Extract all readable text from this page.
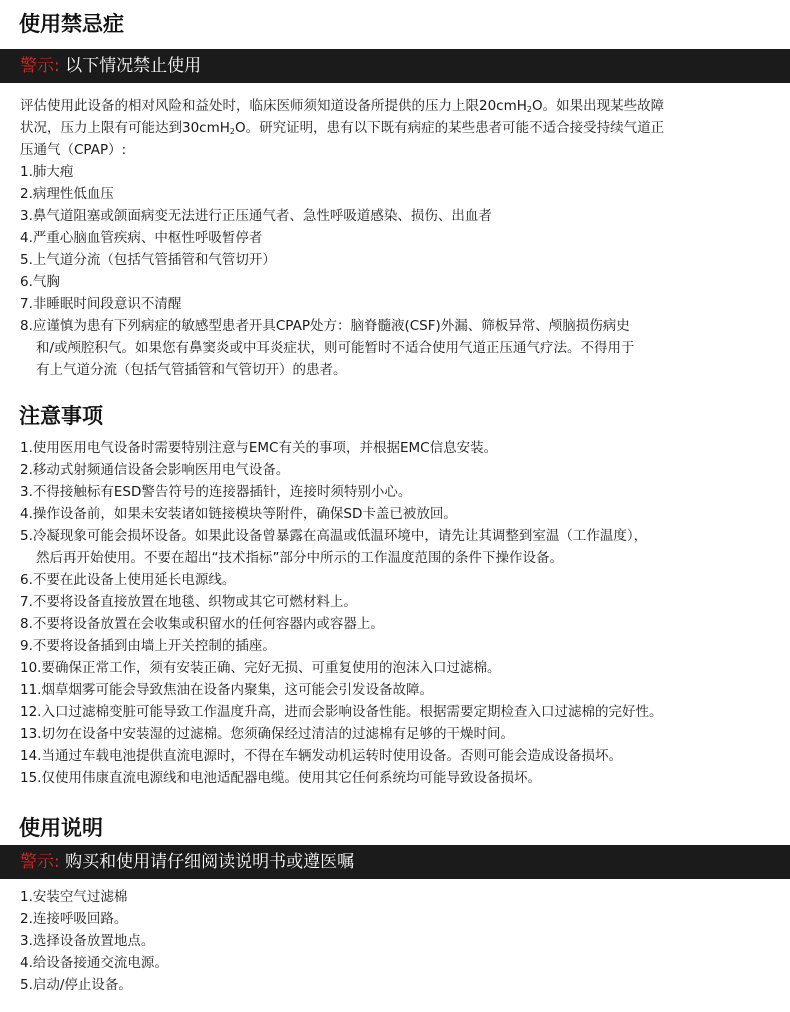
使用禁忌症
警示: 以下情况禁止使用
评估使用此设备的相对风险和益处时，临床医师须知道设备所提供的压力上限20cmH$_2$O。如果出现某些故障
状况，压力上限有可能达到30cmH$_2$O。研究证明，患有以下既有病症的某些患者可能不适合接受持续气道正
压通气（CPAP）:
1.肺大疱
2.病理性低血压
3.鼻气道阻塞或颌面病变无法进行正压通气者、急性呼吸道感染、损伤、出血者
4.严重心脑血管疾病、中枢性呼吸暂停者
5.上气道分流（包括气管插管和气管切开）
6.气胸
7.非睡眠时间段意识不清醒
8.应谨慎为患有下列病症的敏感型患者开具CPAP处方：脑脊髓液(CSF)外漏、筛板异常、颅脑损伤病史
和/或颅腔积气。如果您有鼻窦炎或中耳炎症状，则可能暂时不适合使用气道正压通气疗法。不得用于
有上气道分流（包括气管插管和气管切开）的患者。
注意事项
1.使用医用电气设备时需要特别注意与EMC有关的事项，并根据EMC信息安装。
2.移动式射频通信设备会影响医用电气设备。
3.不得接触标有ESD警告符号的连接器插针，连接时须特别小心。
4.操作设备前，如果未安装诸如链接模块等附件，确保SD卡盖已被放回。
5.冷凝现象可能会损坏设备。如果此设备曾暴露在高温或低温环境中，请先让其调整到室温（工作温度），
然后再开始使用。不要在超出“技术指标”部分中所示的工作温度范围的条件下操作设备。
6.不要在此设备上使用延长电源线。
7.不要将设备直接放置在地毯、织物或其它可燃材料上。
8.不要将设备放置在会收集或积留水的任何容器内或容器上。
9.不要将设备插到由墙上开关控制的插座。
10.要确保正常工作，须有安装正确、完好无损、可重复使用的泡沫入口过滤棉。
11.烟草烟雾可能会导致焦油在设备内聚集，这可能会引发设备故障。
12.入口过滤棉变脏可能导致工作温度升高，进而会影响设备性能。根据需要定期检查入口过滤棉的完好性。
13.切勿在设备中安装湿的过滤棉。您须确保经过清洁的过滤棉有足够的干燥时间。
14.当通过车载电池提供直流电源时，不得在车辆发动机运转时使用设备。否则可能会造成设备损坏。
15.仅使用伟康直流电源线和电池适配器电缆。使用其它任何系统均可能导致设备损坏。
使用说明
警示: 购买和使用请仔细阅读说明书或遵医嘱
1.安装空气过滤棉
2.连接呼吸回路。
3.选择设备放置地点。
4.给设备接通交流电源。
5.启动/停止设备。
